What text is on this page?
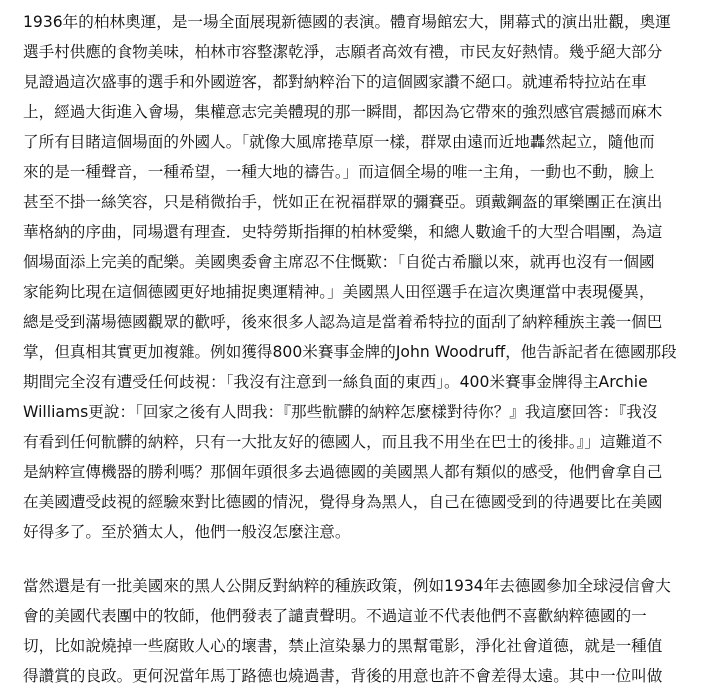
1936年的柏林奧運，是一場全面展現新德國的表演。體育場館宏大，開幕式的演出壯觀，奧運
選手村供應的食物美味，柏林市容整潔乾淨，志願者高效有禮，市民友好熱情。幾乎絕大部分
見證過這次盛事的選手和外國遊客，都對納粹治下的這個國家讚不絕口。就連希特拉站在車
上，經過大街進入會場，集權意志完美體現的那一瞬間，都因為它帶來的強烈感官震撼而麻木
了所有目睹這個場面的外國人。「就像大風席捲草原一樣，群眾由遠而近地轟然起立，隨他而
來的是一種聲音，一種希望，一種大地的禱告。」而這個全場的唯一主角，一動也不動，臉上
甚至不掛一絲笑容，只是稍微抬手，恍如正在祝福群眾的彌賽亞。頭戴鋼盔的軍樂團正在演出
華格納的序曲，同場還有理查．史特勞斯指揮的柏林愛樂，和總人數逾千的大型合唱團，為這
個場面添上完美的配樂。美國奧委會主席忍不住慨歎：「自從古希臘以來，就再也沒有一個國
家能夠比現在這個德國更好地捕捉奧運精神。」美國黑人田徑選手在這次奧運當中表現優異，
總是受到滿場德國觀眾的歡呼，後來很多人認為這是當着希特拉的面刮了納粹種族主義一個巴
掌，但真相其實更加複雜。例如獲得800米賽事金牌的John Woodruff，他告訴記者在德國那段
期間完全沒有遭受任何歧視：「我沒有注意到一絲負面的東西」。400米賽事金牌得主Archie
Williams更說：「回家之後有人問我：『那些骯髒的納粹怎麼樣對待你？』我這麼回答：『我沒
有看到任何骯髒的納粹，只有一大批友好的德國人，而且我不用坐在巴士的後排。』」這難道不
是納粹宣傳機器的勝利嗎？那個年頭很多去過德國的美國黑人都有類似的感受，他們會拿自己
在美國遭受歧視的經驗來對比德國的情況，覺得身為黑人，自己在德國受到的待遇要比在美國
好得多了。至於猶太人，他們一般沒怎麼注意。
當然還是有一批美國來的黑人公開反對納粹的種族政策，例如1934年去德國參加全球浸信會大
會的美國代表團中的牧師，他們發表了譴責聲明。不過這並不代表他們不喜歡納粹德國的一
切，比如說燒掉一些腐敗人心的壞書，禁止渲染暴力的黑幫電影，淨化社會道德，就是一種值
得讚賞的良政。更何況當年馬丁路德也燒過書，背後的用意也許不會差得太遠。其中一位叫做
